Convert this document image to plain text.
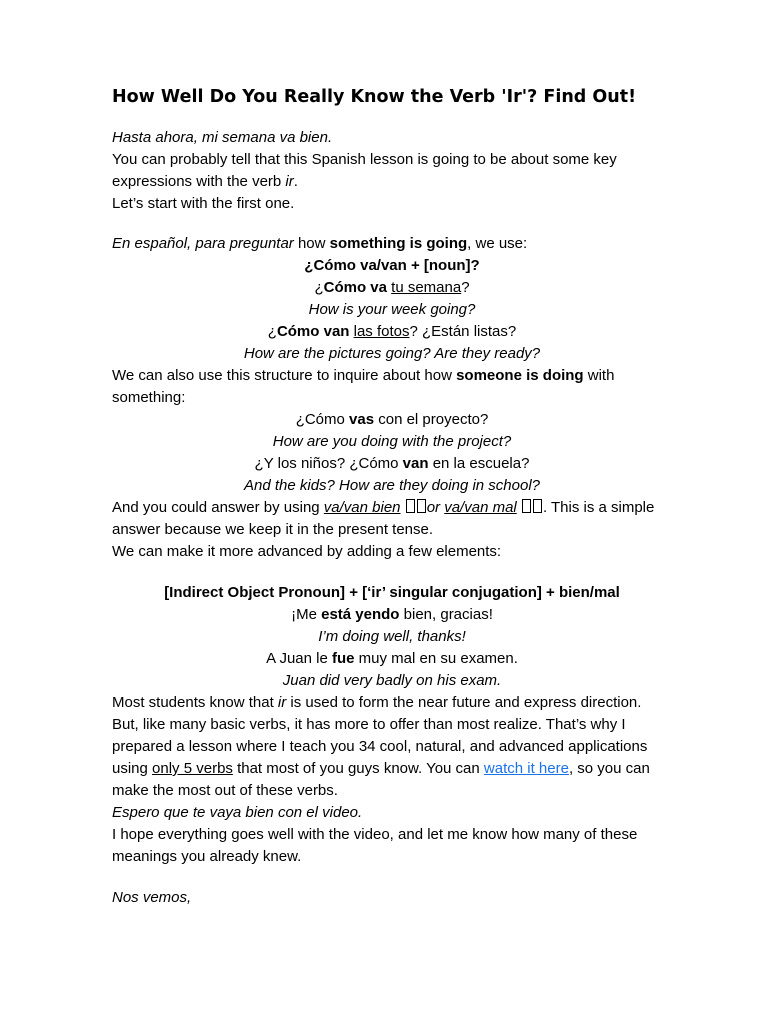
How Well Do You Really Know the Verb 'Ir'? Find Out!

Hasta ahora, mi semana va bien.

You can probably tell that this Spanish lesson is going to be about some key expressions with the verb ir.

Let’s start with the first one.

En español, para preguntar how something is going, we use:

¿Cómo va/van + [noun]?

¿Cómo va tu semana?

How is your week going?

¿Cómo van las fotos? ¿Están listas?

How are the pictures going? Are they ready?

We can also use this structure to inquire about how someone is doing with something:

¿Cómo vas con el proyecto?

How are you doing with the project?

¿Y los niños? ¿Cómo van en la escuela?

And the kids? How are they doing in school?

And you could answer by using va/van bien or va/van mal . This is a simple answer because we keep it in the present tense.

We can make it more advanced by adding a few elements:

[Indirect Object Pronoun] + [‘ir’ singular conjugation] + bien/mal

¡Me está yendo bien, gracias!

I’m doing well, thanks!

A Juan le fue muy mal en su examen.

Juan did very badly on his exam.

Most students know that ir is used to form the near future and express direction. But, like many basic verbs, it has more to offer than most realize. That’s why I prepared a lesson where I teach you 34 cool, natural, and advanced applications using only 5 verbs that most of you guys know. You can watch it here, so you can make the most out of these verbs.

Espero que te vaya bien con el video.

I hope everything goes well with the video, and let me know how many of these meanings you already knew.

Nos vemos,
